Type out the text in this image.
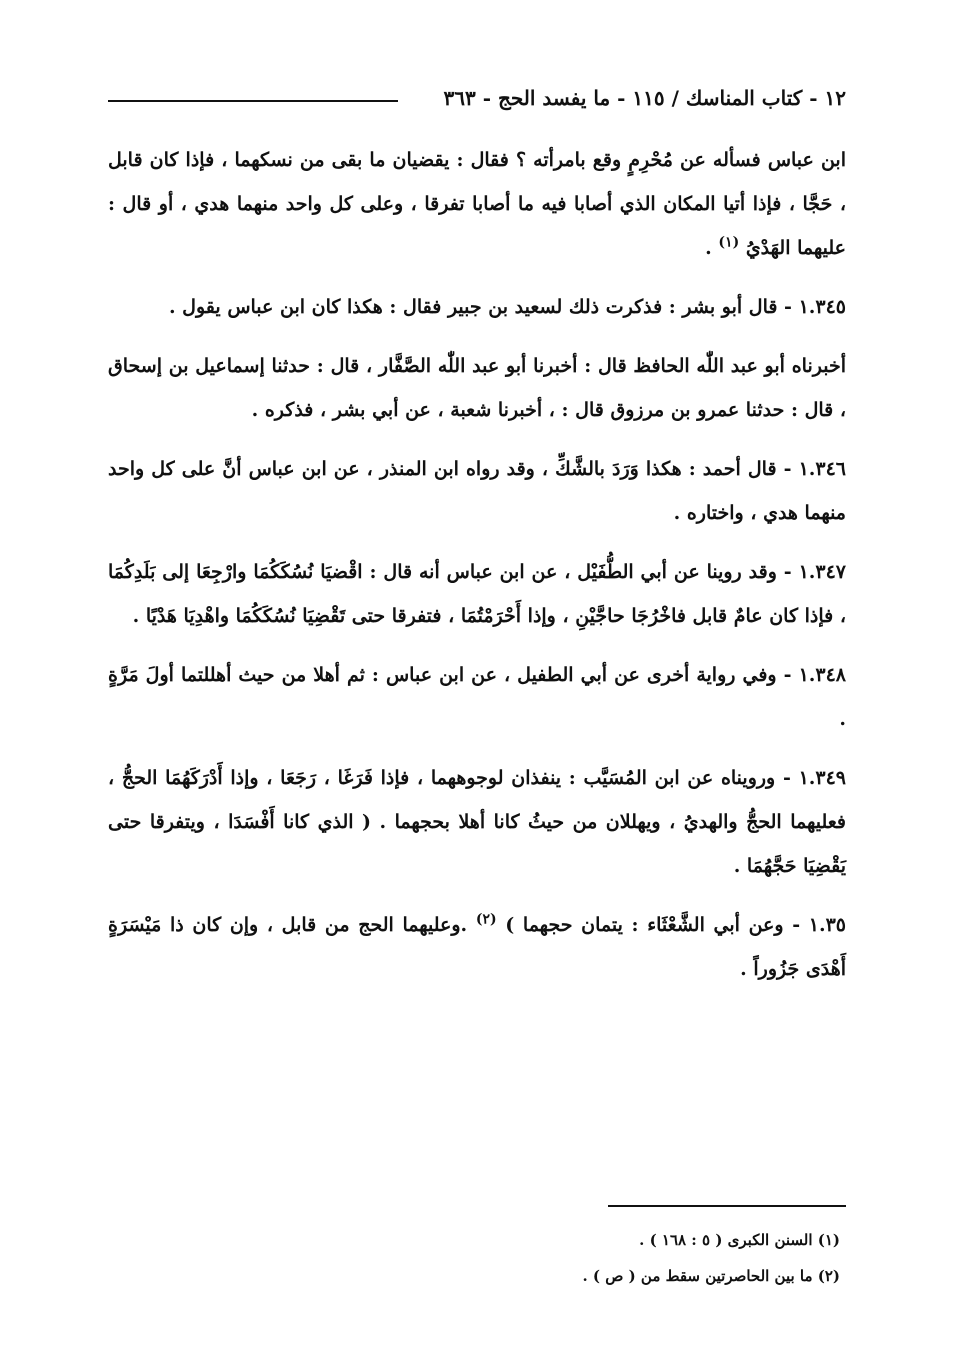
١٢ - كتاب المناسك / ١١٥ - ما يفسد الحج - ٣٦٣

ابن عباس فسأله عن مُحْرِمٍ وقع بامرأته ؟ فقال : يقضيان ما بقى من نسكهما ، فإذا كان قابل ، حَجَّا ، فإذا أتيا المكان الذي أصابا فيه ما أصابا تفرقا ، وعلى كل واحد منهما هدي ، أو قال : عليهما الهَدْيُ $^{(١)}$ .

١.٣٤٥ - قال أبو بشر : فذكرت ذلك لسعيد بن جبير فقال : هكذا كان ابن عباس يقول .

أخبرناه أبو عبد اللّٰه الحافظ قال : أخبرنا أبو عبد اللّٰه الصَّفَّار ، قال : حدثنا إسماعيل بن إسحاق ، قال : حدثنا عمرو بن مرزوق قال : ، أخبرنا شعبة ، عن أبي بشر ، فذكره .

١.٣٤٦ - قال أحمد : هكذا وَرَدَ بالشَّكِّ ، وقد رواه ابن المنذر ، عن ابن عباس أنَّ على كل واحد منهما هدي ، واختاره .

١.٣٤٧ - وقد روينا عن أبي الطُّفَيْل ، عن ابن عباس أنه قال : اقْضيَا نُسُكَكُمَا وارْجِعَا إلى بَلَدِكُمَا ، فإذا كان عامٌ قابل فاخْرُجَا حاجَّيْنِ ، وإذا أَحْرَمْتُمَا ، فتفرقا حتى تَقْضِيَا نُسُكَكُمَا واهْدِيَا هَدْيًا .

١.٣٤٨ - وفي رواية أخرى عن أبي الطفيل ، عن ابن عباس : ثم أهلا من حيث أهللتما أولَ مَرَّةٍ .

١.٣٤٩ - ورويناه عن ابن المُسَيَّب : ينفذان لوجوههما ، فإذا فَرَغَا ، رَجَعَا ، وإذا أَدْرَكَهُمَا الحجُّ ، فعليهما الحجُّ والهديُ ، ويهللان من حيثُ كانا أهلا بحجهما . ( الذي كانا أَفْسَدَا ، ويتفرقا حتى يَقْضِيَا حَجَّهُمَا .

١.٣٥ - وعن أبي الشَّعْثَاء : يتمان حجهما ) $^{(٢)}$ .وعليهما الحج من قابل ، وإن كان ذا مَيْسَرَةٍ أَهْدَى جَزُوراً .

(١) السنن الكبرى ( ٥ : ١٦٨ ) .

(٢) ما بين الحاصرتين سقط من ( ص ) .
